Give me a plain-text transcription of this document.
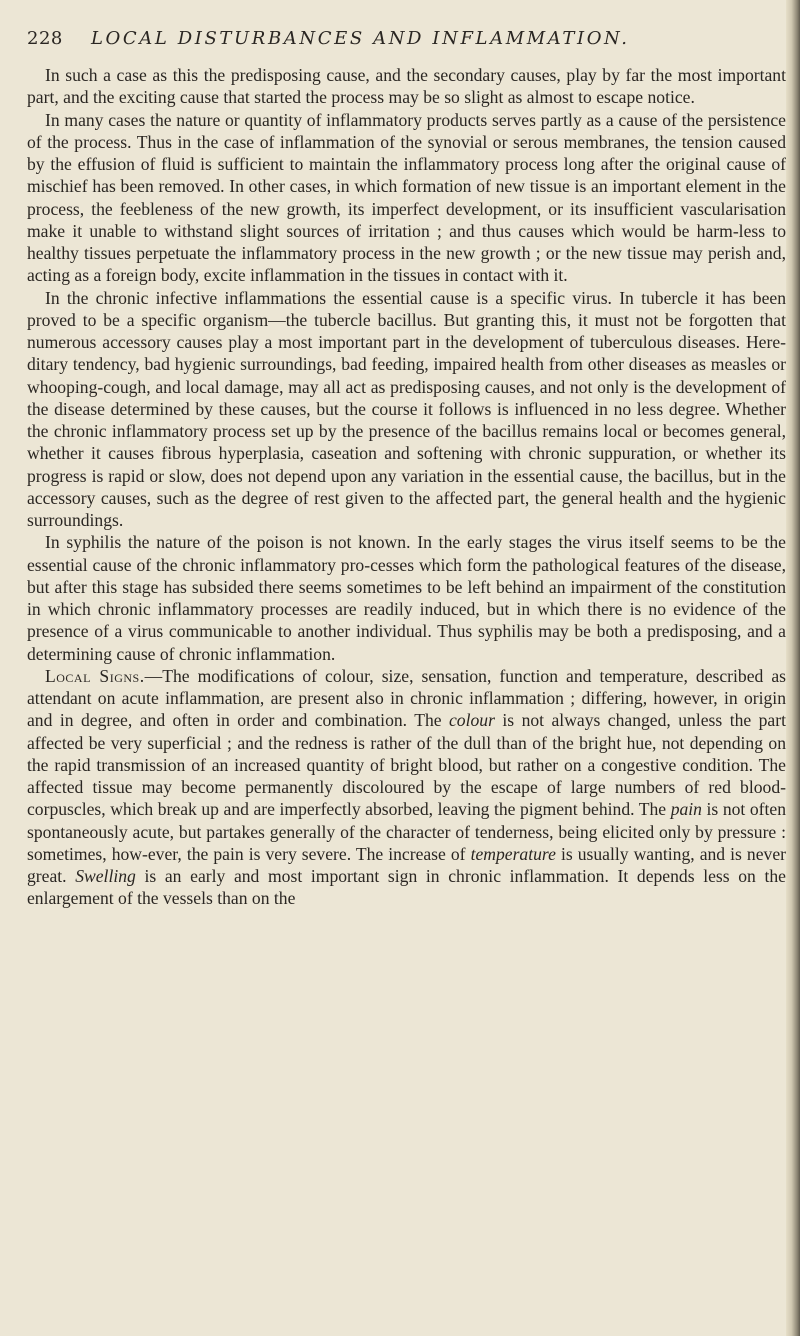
228 LOCAL DISTURBANCES AND INFLAMMATION.

In such a case as this the predisposing cause, and the secondary causes, play by far the most important part, and the exciting cause that started the process may be so slight as almost to escape notice.

In many cases the nature or quantity of inflammatory products serves partly as a cause of the persistence of the process. Thus in the case of inflammation of the synovial or serous membranes, the tension caused by the effusion of fluid is sufficient to maintain the inflammatory process long after the original cause of mischief has been removed. In other cases, in which formation of new tissue is an important element in the process, the feebleness of the new growth, its imperfect development, or its insufficient vascularisation make it unable to withstand slight sources of irritation ; and thus causes which would be harm-less to healthy tissues perpetuate the inflammatory process in the new growth ; or the new tissue may perish and, acting as a foreign body, excite inflammation in the tissues in contact with it.

In the chronic infective inflammations the essential cause is a specific virus. In tubercle it has been proved to be a specific organism—the tubercle bacillus. But granting this, it must not be forgotten that numerous accessory causes play a most important part in the development of tuberculous diseases. Here-ditary tendency, bad hygienic surroundings, bad feeding, impaired health from other diseases as measles or whooping-cough, and local damage, may all act as predisposing causes, and not only is the development of the disease determined by these causes, but the course it follows is influenced in no less degree. Whether the chronic inflammatory process set up by the presence of the bacillus remains local or becomes general, whether it causes fibrous hyperplasia, caseation and softening with chronic suppuration, or whether its progress is rapid or slow, does not depend upon any variation in the essential cause, the bacillus, but in the accessory causes, such as the degree of rest given to the affected part, the general health and the hygienic surroundings.

In syphilis the nature of the poison is not known. In the early stages the virus itself seems to be the essential cause of the chronic inflammatory pro-cesses which form the pathological features of the disease, but after this stage has subsided there seems sometimes to be left behind an impairment of the constitution in which chronic inflammatory processes are readily induced, but in which there is no evidence of the presence of a virus communicable to another individual. Thus syphilis may be both a predisposing, and a determining cause of chronic inflammation.

Local Signs.—The modifications of colour, size, sensation, function and temperature, described as attendant on acute inflammation, are present also in chronic inflammation ; differing, however, in origin and in degree, and often in order and combination. The colour is not always changed, unless the part affected be very superficial ; and the redness is rather of the dull than of the bright hue, not depending on the rapid transmission of an increased quantity of bright blood, but rather on a congestive condition. The affected tissue may become permanently discoloured by the escape of large numbers of red blood-corpuscles, which break up and are imperfectly absorbed, leaving the pigment behind. The pain is not often spontaneously acute, but partakes generally of the character of tenderness, being elicited only by pressure : sometimes, how-ever, the pain is very severe. The increase of temperature is usually wanting, and is never great. Swelling is an early and most important sign in chronic inflammation. It depends less on the enlargement of the vessels than on the
